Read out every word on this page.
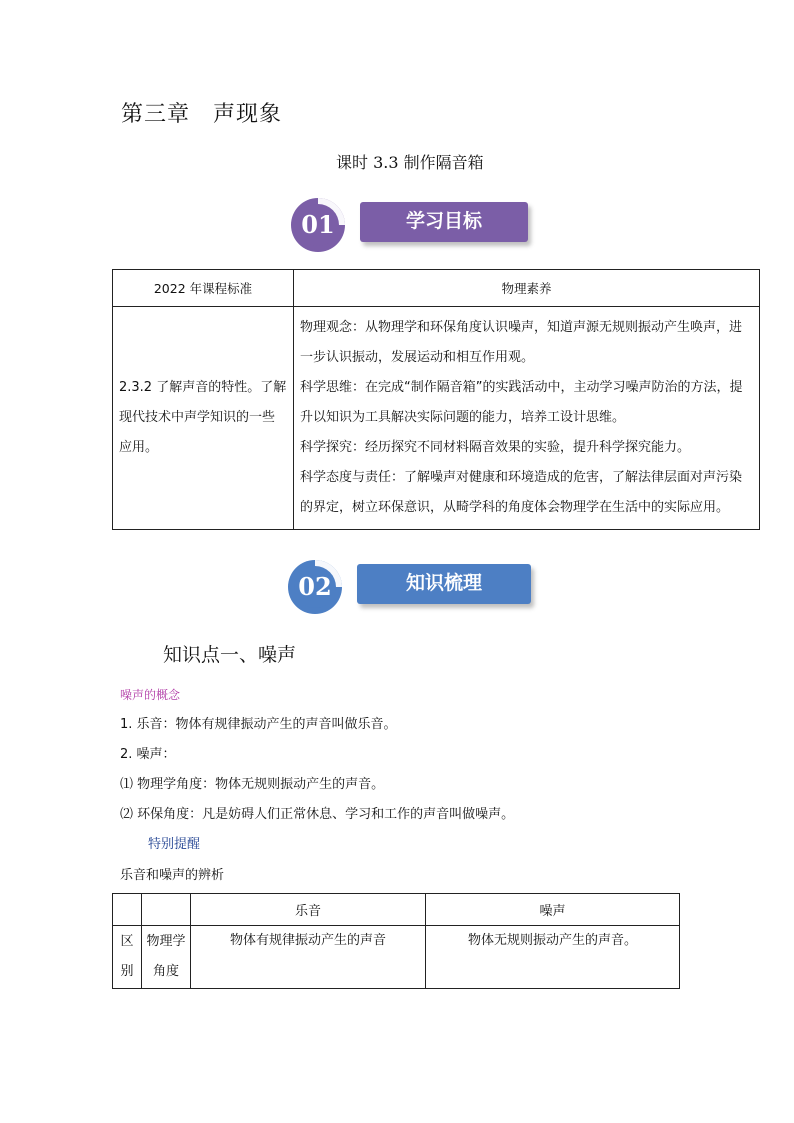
第三章　声现象
课时 3.3 制作隔音箱
01	学习目标
2022 年课程标准	物理素养
2.3.2 了解声音的特性。了解现代技术中声学知识的一些应用。	物理观念：从物理学和环保角度认识噪声，知道声源无规则振动产生唤声，进一步认识振动，发展运动和相互作用观。
科学思维：在完成“制作隔音箱”的实践活动中，主动学习噪声防治的方法，提升以知识为工具解决实际问题的能力，培养工设计思维。
科学探究：经历探究不同材料隔音效果的实验，提升科学探究能力。
科学态度与责任：了解噪声对健康和环境造成的危害，了解法律层面对声污染的界定，树立环保意识，从畸学科的角度体会物理学在生活中的实际应用。
02	知识梳理
知识点一、噪声
噪声的概念
1. 乐音：物体有规律振动产生的声音叫做乐音。
2. 噪声：
⑴ 物理学角度：物体无规则振动产生的声音。
⑵ 环保角度：凡是妨碍人们正常休息、学习和工作的声音叫做噪声。
特别提醒
乐音和噪声的辨析
		乐音	噪声
区别	物理学角度	物体有规律振动产生的声音	物体无规则振动产生的声音。
